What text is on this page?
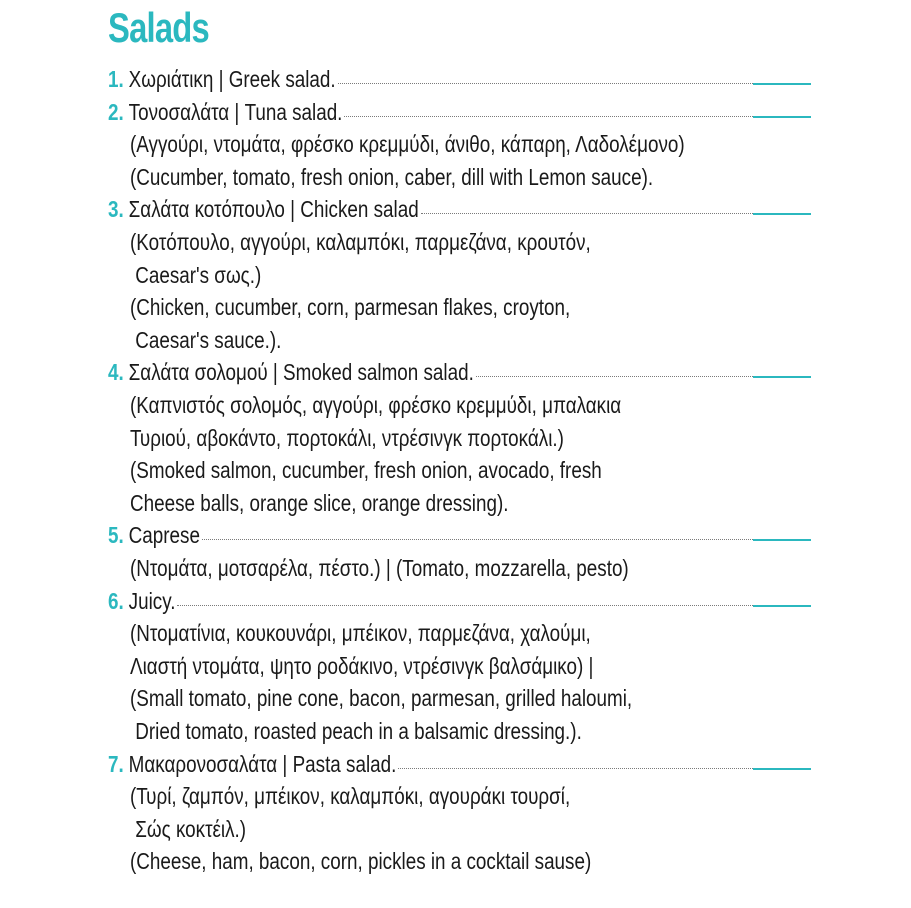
Salads
1. Χωριάτικη | Greek salad.
2. Τονοσαλάτα | Tuna salad.
(Αγγούρι, ντομάτα, φρέσκο κρεμμύδι, άνιθο, κάπαρη, Λαδολέμονο)
(Cucumber, tomato, fresh onion, caber, dill with Lemon sauce).
3. Σαλάτα κοτόπουλο | Chicken salad
(Κοτόπουλο, αγγούρι, καλαμπόκι, παρμεζάνα, κρουτόν,
Caesar's σως.)
(Chicken, cucumber, corn, parmesan flakes, croyton,
Caesar's sauce.).
4. Σαλάτα σολομού | Smoked salmon salad.
(Καπνιστός σολομός, αγγούρι, φρέσκο κρεμμύδι, μπαλακια
Τυριού, αβοκάντο, πορτοκάλι, ντρέσινγκ πορτοκάλι.)
(Smoked salmon, cucumber, fresh onion, avocado, fresh
Cheese balls, orange slice, orange dressing).
5. Caprese
(Ντομάτα, μοτσαρέλα, πέστο.) | (Tomato, mozzarella, pesto)
6. Juicy.
(Ντοματίνια, κουκουνάρι, μπέικον, παρμεζάνα, χαλούμι,
Λιαστή ντομάτα, ψητο ροδάκινο, ντρέσινγκ βαλσάμικο) |
(Small tomato, pine cone, bacon, parmesan, grilled haloumi,
Dried tomato, roasted peach in a balsamic dressing.).
7. Μακαρονοσαλάτα | Pasta salad.
(Τυρί, ζαμπόν, μπέικον, καλαμπόκι, αγουράκι τουρσί,
Σώς κοκτέιλ.)
(Cheese, ham, bacon, corn, pickles in a cocktail sause)
